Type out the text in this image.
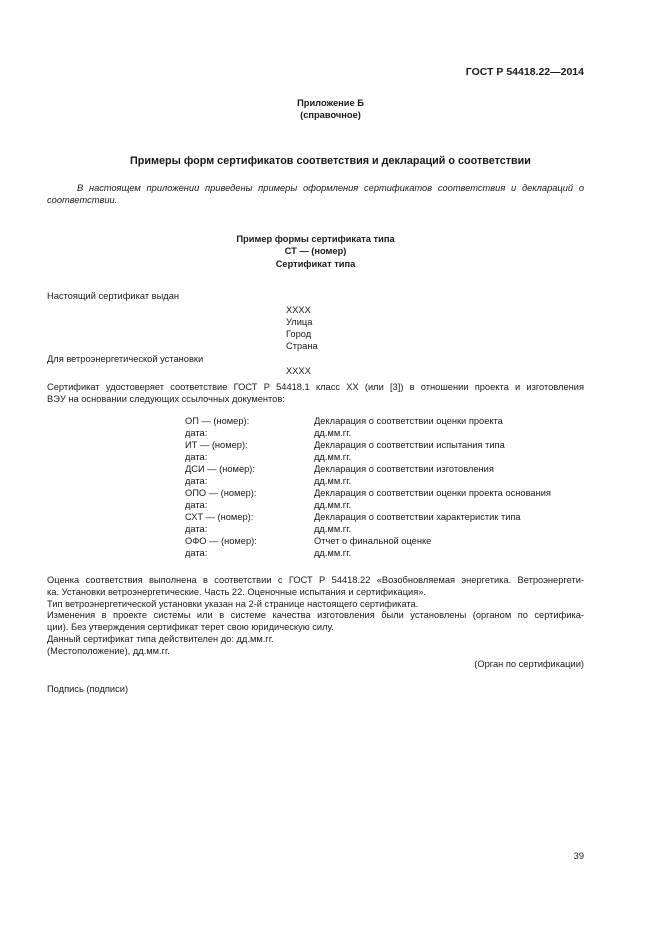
ГОСТ Р 54418.22—2014
Приложение Б
(справочное)
Примеры форм сертификатов соответствия и деклараций о соответствии
В настоящем приложении приведены примеры оформления сертификатов соответствия и деклараций о
соответствии.
Пример формы сертификата типа
СТ — (номер)
Сертификат типа
Настоящий сертификат выдан
XXXX
Улица
Город
Страна
Для ветроэнергетической установки
XXXX
Сертификат удостоверяет соответствие ГОСТ Р 54418.1 класс XX (или [3]) в отношении проекта и изготовления
ВЭУ на основании следующих ссылочных документов:
ОП — (номер):
дата:
ИТ — (номер):
дата:
ДСИ — (номер):
дата:
ОПО — (номер):
дата:
СХТ — (номер):
дата:
ОФО — (номер):
дата:
Декларация о соответствии оценки проекта
дд.мм.гг.
Декларация о соответствии испытания типа
дд.мм.гг.
Декларация о соответствии изготовления
дд.мм.гг.
Декларация о соответствии оценки проекта основания
дд.мм.гг.
Декларация о соответствии характеристик типа
дд.мм.гг.
Отчет о финальной оценке
дд.мм.гг.
Оценка соответствия выполнена в соответствии с ГОСТ Р 54418.22 «Возобновляемая энергетика. Ветроэнергети-
ка. Установки ветроэнергетические. Часть 22. Оценочные испытания и сертификация».
Тип ветроэнергетической установки указан на 2-й странице настоящего сертификата.
Изменения в проекте системы или в системе качества изготовления были установлены (органом по сертифика-
ции). Без утверждения сертификат терет свою юридическую силу.
Данный сертификат типа действителен до: дд.мм.гг.
(Местоположение), дд.мм.гг.
(Орган по сертификации)
Подпись (подписи)
39
